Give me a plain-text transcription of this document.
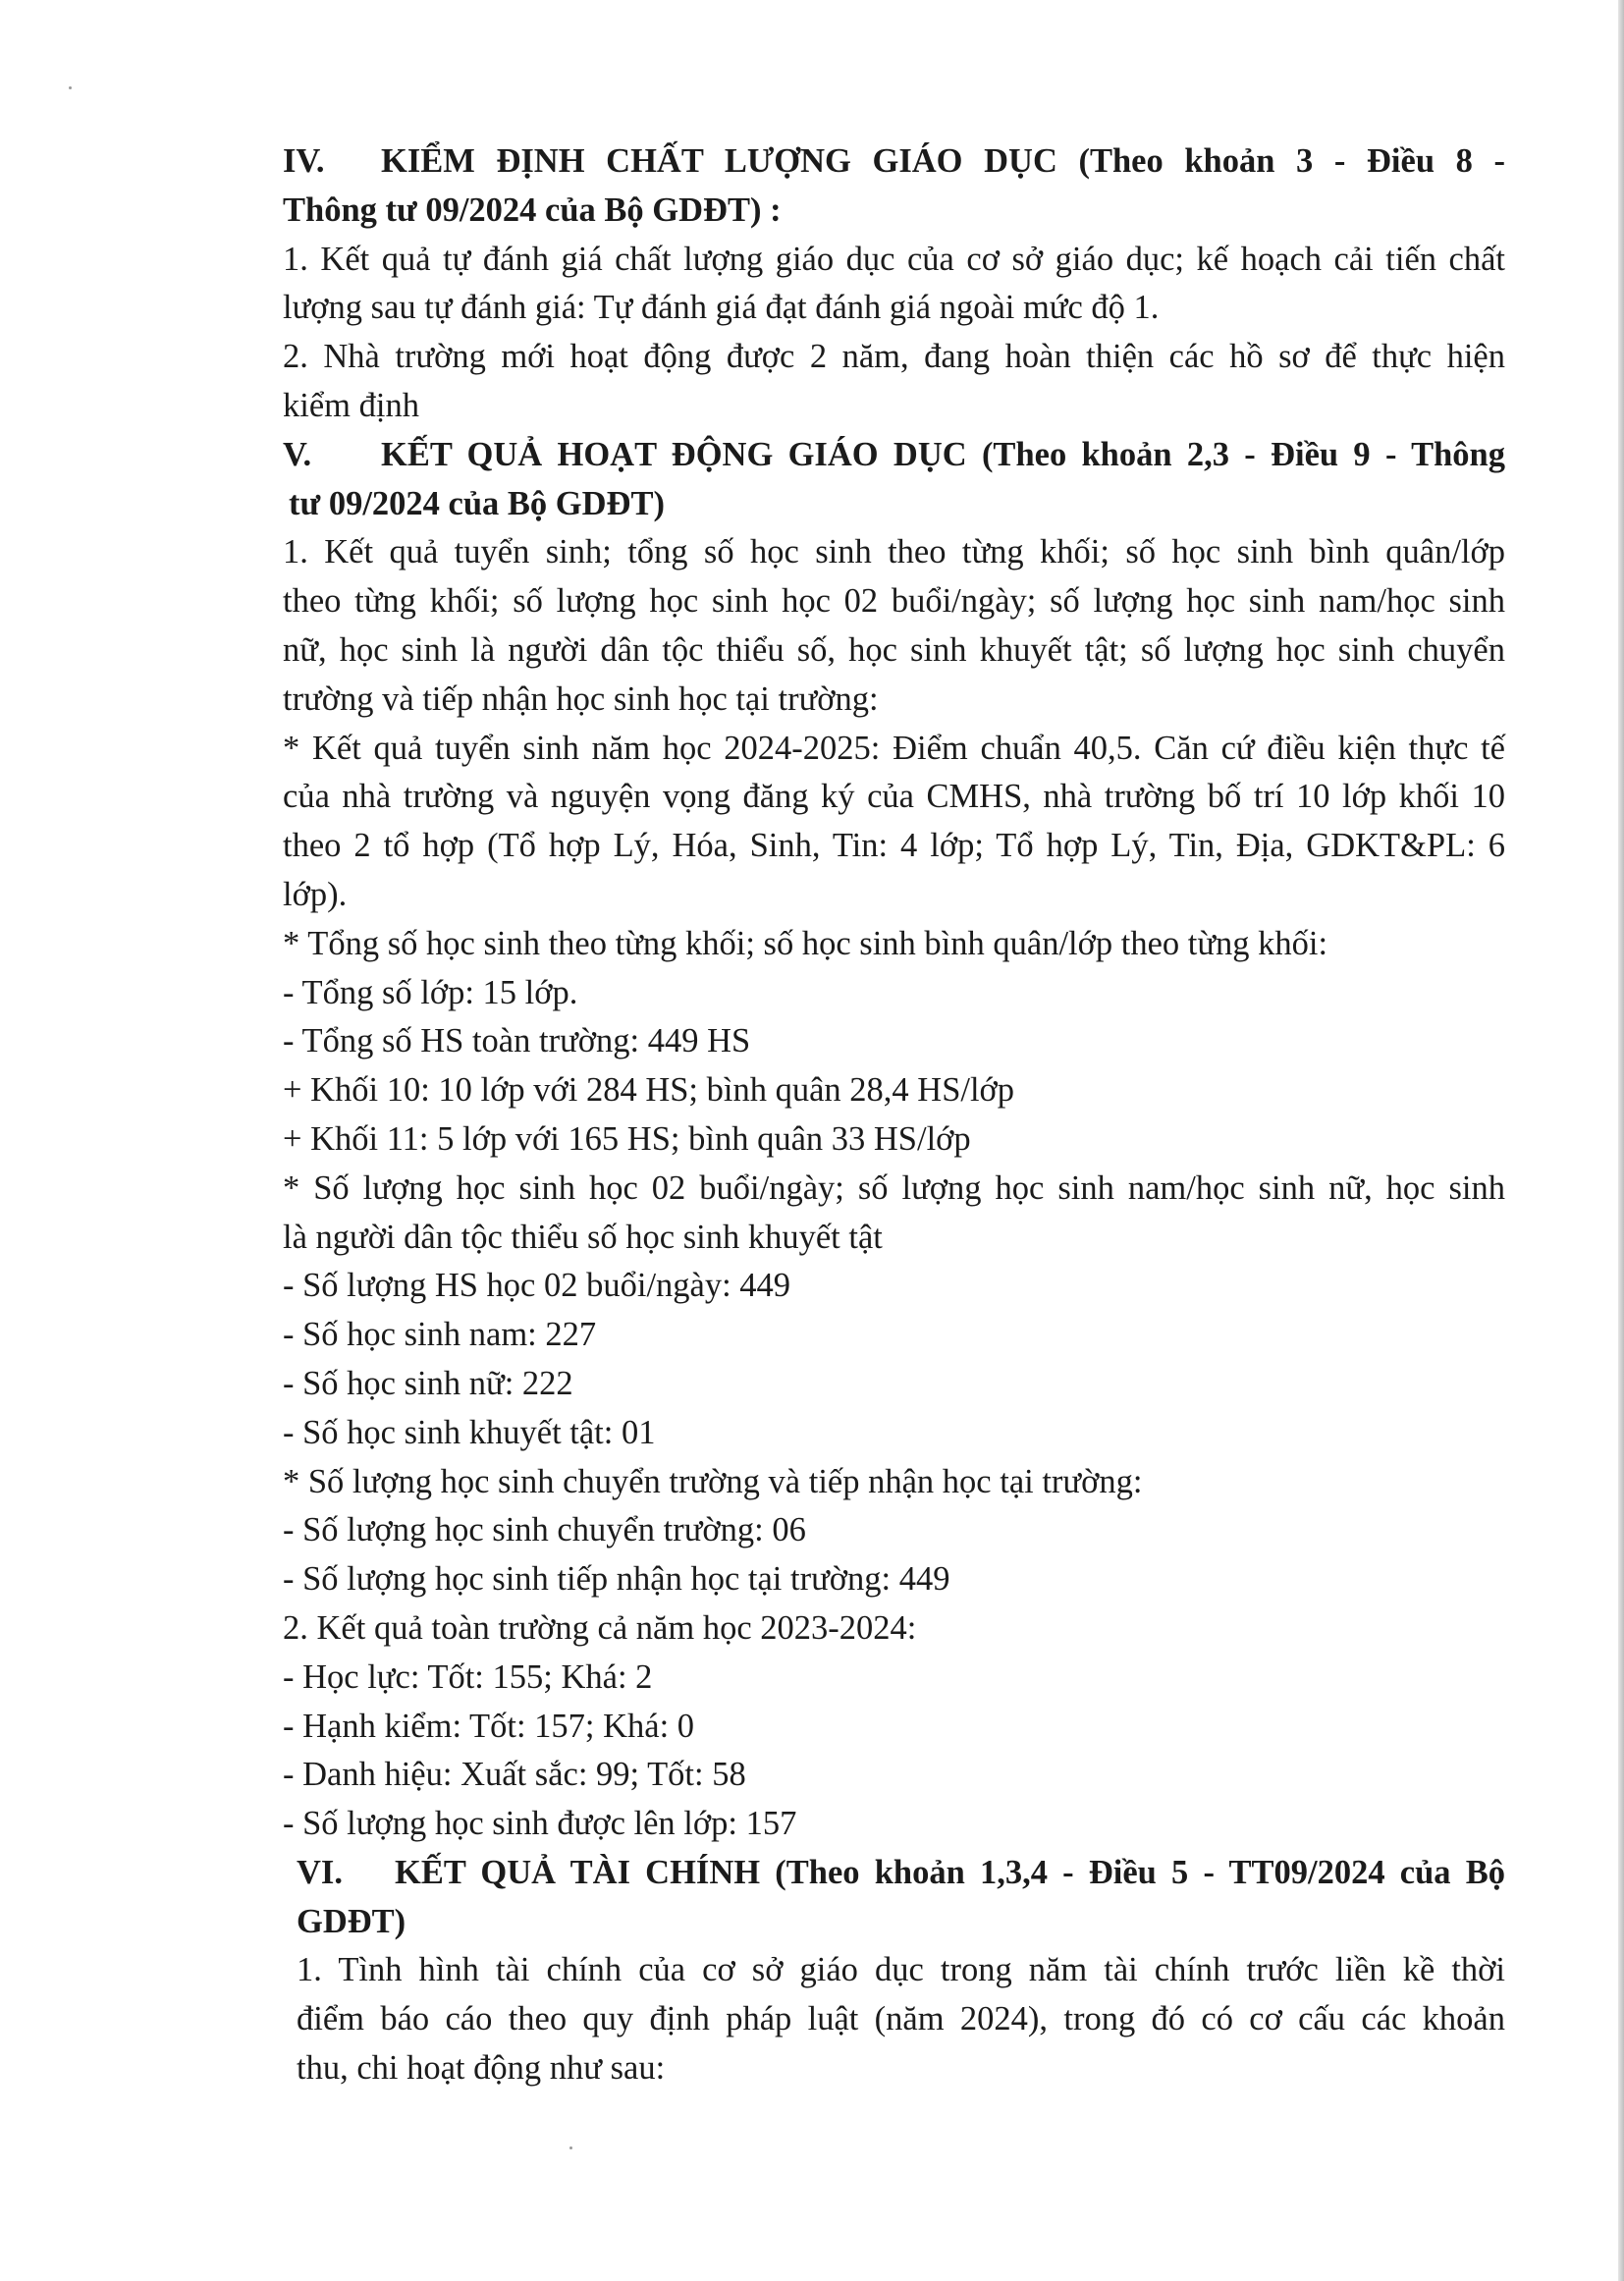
IV.	KIỂM ĐỊNH CHẤT LƯỢNG GIÁO DỤC (Theo khoản 3 - Điều 8 -
Thông tư 09/2024 của Bộ GDĐT) :
1. Kết quả tự đánh giá chất lượng giáo dục của cơ sở giáo dục; kế hoạch cải tiến chất
lượng sau tự đánh giá: Tự đánh giá đạt đánh giá ngoài mức độ 1.
2. Nhà trường mới hoạt động được 2 năm, đang hoàn thiện các hồ sơ để thực hiện
kiểm định
V.	KẾT QUẢ HOẠT ĐỘNG GIÁO DỤC (Theo khoản 2,3 - Điều 9 - Thông
tư 09/2024 của Bộ GDĐT)
1. Kết quả tuyển sinh; tổng số học sinh theo từng khối; số học sinh bình quân/lớp
theo từng khối; số lượng học sinh học 02 buổi/ngày; số lượng học sinh nam/học sinh
nữ, học sinh là người dân tộc thiểu số, học sinh khuyết tật; số lượng học sinh chuyển
trường và tiếp nhận học sinh học tại trường:
* Kết quả tuyển sinh năm học 2024-2025: Điểm chuẩn 40,5. Căn cứ điều kiện thực tế
của nhà trường và nguyện vọng đăng ký của CMHS, nhà trường bố trí 10 lớp khối 10
theo 2 tổ hợp (Tổ hợp Lý, Hóa, Sinh, Tin: 4 lớp; Tổ hợp Lý, Tin, Địa, GDKT&PL: 6
lớp).
* Tổng số học sinh theo từng khối; số học sinh bình quân/lớp theo từng khối:
- Tổng số lớp: 15 lớp.
- Tổng số HS toàn trường: 449 HS
+ Khối 10: 10 lớp với 284 HS; bình quân 28,4 HS/lớp
+ Khối 11: 5 lớp với 165 HS; bình quân 33 HS/lớp
* Số lượng học sinh học 02 buổi/ngày; số lượng học sinh nam/học sinh nữ, học sinh
là người dân tộc thiểu số học sinh khuyết tật
- Số lượng HS học 02 buổi/ngày: 449
- Số học sinh nam: 227
- Số học sinh nữ: 222
- Số học sinh khuyết tật: 01
* Số lượng học sinh chuyển trường và tiếp nhận học tại trường:
- Số lượng học sinh chuyển trường: 06
- Số lượng học sinh tiếp nhận học tại trường: 449
2. Kết quả toàn trường cả năm học 2023-2024:
- Học lực: Tốt: 155; Khá: 2
- Hạnh kiểm: Tốt: 157; Khá: 0
- Danh hiệu: Xuất sắc: 99; Tốt: 58
- Số lượng học sinh được lên lớp: 157
VI.	KẾT QUẢ TÀI CHÍNH (Theo khoản 1,3,4 - Điều 5 - TT09/2024 của Bộ
GDĐT)
1. Tình hình tài chính của cơ sở giáo dục trong năm tài chính trước liền kề thời
điểm báo cáo theo quy định pháp luật (năm 2024), trong đó có cơ cấu các khoản
thu, chi hoạt động như sau:
